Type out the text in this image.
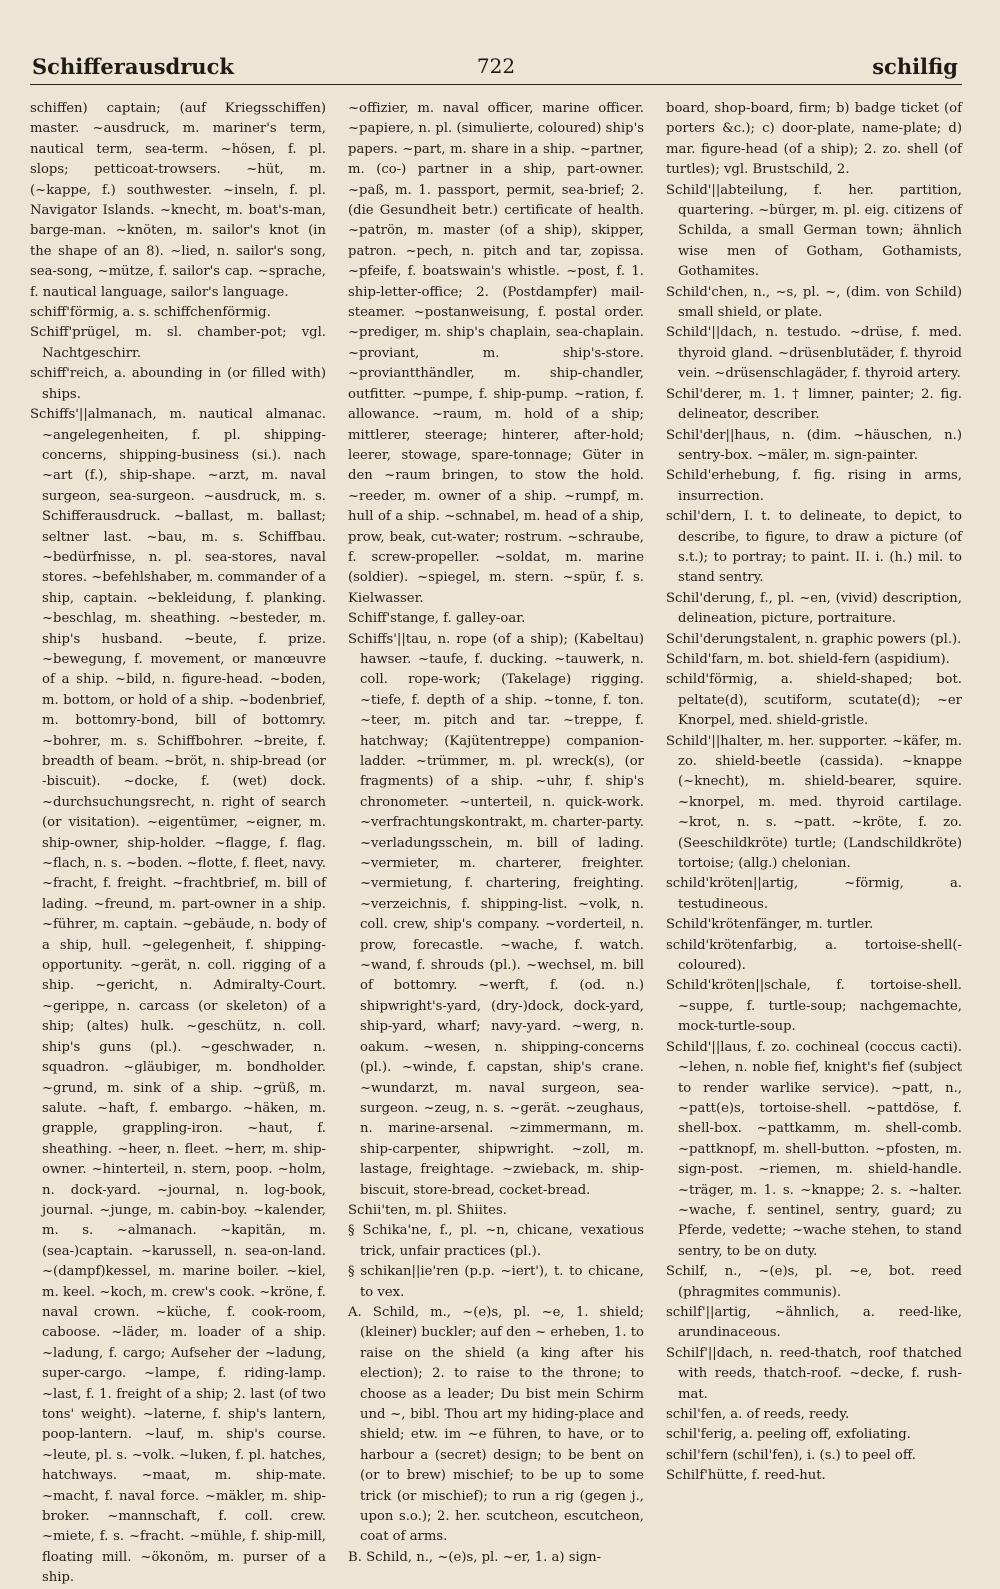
Schifferausdruck	722	schilfig

schiffen) captain; (auf Kriegsschiffen) master. ~ausdruck, m. mariner's term, nautical term, sea-term. ~hösen, f. pl. slops; petticoat-trowsers. ~hüt, m. (~kappe, f.) southwester. ~inseln, f. pl. Navigator Islands. ~knecht, m. boat's-man, barge-man. ~knöten, m. sailor's knot (in the shape of an 8). ~lied, n. sailor's song, sea-song, ~mütze, f. sailor's cap. ~sprache, f. nautical language, sailor's language.

schiff'förmig, a. s. schiffchenförmig.

Schiff'prügel, m. sl. chamber-pot; vgl. Nachtgeschirr.

schiff'reich, a. abounding in (or filled with) ships.

Schiffs'||almanach, m. nautical almanac. ~angelegenheiten, f. pl. shipping-concerns, shipping-business (si.). nach ~art (f.), ship-shape. ~arzt, m. naval surgeon, sea-surgeon. ~ausdruck, m. s. Schifferausdruck. ~ballast, m. ballast; seltner last. ~bau, m. s. Schiffbau. ~bedürfnisse, n. pl. sea-stores, naval stores. ~befehlshaber, m. commander of a ship, captain. ~bekleidung, f. planking. ~beschlag, m. sheathing. ~besteder, m. ship's husband. ~beute, f. prize. ~bewegung, f. movement, or manœuvre of a ship. ~bild, n. figure-head. ~boden, m. bottom, or hold of a ship. ~bodenbrief, m. bottomry-bond, bill of bottomry. ~bohrer, m. s. Schiffbohrer. ~breite, f. breadth of beam. ~bröt, n. ship-bread (or -biscuit). ~docke, f. (wet) dock. ~durchsuchungsrecht, n. right of search (or visitation). ~eigentümer, ~eigner, m. ship-owner, ship-holder. ~flagge, f. flag. ~flach, n. s. ~boden. ~flotte, f. fleet, navy. ~fracht, f. freight. ~frachtbrief, m. bill of lading. ~freund, m. part-owner in a ship. ~führer, m. captain. ~gebäude, n. body of a ship, hull. ~gelegenheit, f. shipping-opportunity. ~gerät, n. coll. rigging of a ship. ~gericht, n. Admiralty-Court. ~gerippe, n. carcass (or skeleton) of a ship; (altes) hulk. ~geschütz, n. coll. ship's guns (pl.). ~geschwader, n. squadron. ~gläubiger, m. bondholder. ~grund, m. sink of a ship. ~grüß, m. salute. ~haft, f. embargo. ~häken, m. grapple, grappling-iron. ~haut, f. sheathing. ~heer, n. fleet. ~herr, m. ship-owner. ~hinterteil, n. stern, poop. ~holm, n. dock-yard. ~journal, n. log-book, journal. ~junge, m. cabin-boy. ~kalender, m. s. ~almanach. ~kapitän, m. (sea-)captain. ~karussell, n. sea-on-land. ~(dampf)kessel, m. marine boiler. ~kiel, m. keel. ~koch, m. crew's cook. ~kröne, f. naval crown. ~küche, f. cook-room, caboose. ~läder, m. loader of a ship. ~ladung, f. cargo; Aufseher der ~ladung, super-cargo. ~lampe, f. riding-lamp. ~last, f. 1. freight of a ship; 2. last (of two tons' weight). ~laterne, f. ship's lantern, poop-lantern. ~lauf, m. ship's course. ~leute, pl. s. ~volk. ~luken, f. pl. hatches, hatchways. ~maat, m. ship-mate. ~macht, f. naval force. ~mäkler, m. ship-broker. ~mannschaft, f. coll. crew. ~miete, f. s. ~fracht. ~mühle, f. ship-mill, floating mill. ~ökonöm, m. purser of a ship.

~offizier, m. naval officer, marine officer. ~papiere, n. pl. (simulierte, coloured) ship's papers. ~part, m. share in a ship. ~partner, m. (co-) partner in a ship, part-owner. ~paß, m. 1. passport, permit, sea-brief; 2. (die Gesundheit betr.) certificate of health. ~patrön, m. master (of a ship), skipper, patron. ~pech, n. pitch and tar, zopissa. ~pfeife, f. boatswain's whistle. ~post, f. 1. ship-letter-office; 2. (Postdampfer) mail-steamer. ~postanweisung, f. postal order. ~prediger, m. ship's chaplain, sea-chaplain. ~proviant, m. ship's-store. ~proviantthändler, m. ship-chandler, outfitter. ~pumpe, f. ship-pump. ~ration, f. allowance. ~raum, m. hold of a ship; mittlerer, steerage; hinterer, after-hold; leerer, stowage, spare-tonnage; Güter in den ~raum bringen, to stow the hold. ~reeder, m. owner of a ship. ~rumpf, m. hull of a ship. ~schnabel, m. head of a ship, prow, beak, cut-water; rostrum. ~schraube, f. screw-propeller. ~soldat, m. marine (soldier). ~spiegel, m. stern. ~spür, f. s. Kielwasser.

Schiff'stange, f. galley-oar.

Schiffs'||tau, n. rope (of a ship); (Kabeltau) hawser. ~taufe, f. ducking. ~tauwerk, n. coll. rope-work; (Takelage) rigging. ~tiefe, f. depth of a ship. ~tonne, f. ton. ~teer, m. pitch and tar. ~treppe, f. hatchway; (Kajütentreppe) companion-ladder. ~trümmer, m. pl. wreck(s), (or fragments) of a ship. ~uhr, f. ship's chronometer. ~unterteil, n. quick-work. ~verfrachtungskontrakt, m. charter-party. ~verladungsschein, m. bill of lading. ~vermieter, m. charterer, freighter. ~vermietung, f. chartering, freighting. ~verzeichnis, f. shipping-list. ~volk, n. coll. crew, ship's company. ~vorderteil, n. prow, forecastle. ~wache, f. watch. ~wand, f. shrouds (pl.). ~wechsel, m. bill of bottomry. ~werft, f. (od. n.) shipwright's-yard, (dry-)dock, dock-yard, ship-yard, wharf; navy-yard. ~werg, n. oakum. ~wesen, n. shipping-concerns (pl.). ~winde, f. capstan, ship's crane. ~wundarzt, m. naval surgeon, sea-surgeon. ~zeug, n. s. ~gerät. ~zeughaus, n. marine-arsenal. ~zimmermann, m. ship-carpenter, shipwright. ~zoll, m. lastage, freightage. ~zwieback, m. ship-biscuit, store-bread, cocket-bread.

Schii'ten, m. pl. Shiites.

§ Schika'ne, f., pl. ~n, chicane, vexatious trick, unfair practices (pl.).

§ schikan||ie'ren (p.p. ~iert'), t. to chicane, to vex.

A. Schild, m., ~(e)s, pl. ~e, 1. shield; (kleiner) buckler; auf den ~ erheben, 1. to raise on the shield (a king after his election); 2. to raise to the throne; to choose as a leader; Du bist mein Schirm und ~, bibl. Thou art my hiding-place and shield; etw. im ~e führen, to have, or to harbour a (secret) design; to be bent on (or to brew) mischief; to be up to some trick (or mischief); to run a rig (gegen j., upon s.o.); 2. her. scutcheon, escutcheon, coat of arms.

B. Schild, n., ~(e)s, pl. ~er, 1. a) sign-

board, shop-board, firm; b) badge ticket (of porters &c.); c) door-plate, name-plate; d) mar. figure-head (of a ship); 2. zo. shell (of turtles); vgl. Brustschild, 2.

Schild'||abteilung, f. her. partition, quartering. ~bürger, m. pl. eig. citizens of Schilda, a small German town; ähnlich wise men of Gotham, Gothamists, Gothamites.

Schild'chen, n., ~s, pl. ~, (dim. von Schild) small shield, or plate.

Schild'||dach, n. testudo. ~drüse, f. med. thyroid gland. ~drüsenblutäder, f. thyroid vein. ~drüsenschlagäder, f. thyroid artery.

Schil'derer, m. 1. † limner, painter; 2. fig. delineator, describer.

Schil'der||haus, n. (dim. ~häuschen, n.) sentry-box. ~mäler, m. sign-painter.

Schild'erhebung, f. fig. rising in arms, insurrection.

schil'dern, I. t. to delineate, to depict, to describe, to figure, to draw a picture (of s.t.); to portray; to paint. II. i. (h.) mil. to stand sentry.

Schil'derung, f., pl. ~en, (vivid) description, delineation, picture, portraiture.

Schil'derungstalent, n. graphic powers (pl.).

Schild'farn, m. bot. shield-fern (aspidium).

schild'förmig, a. shield-shaped; bot. peltate(d), scutiform, scutate(d); ~er Knorpel, med. shield-gristle.

Schild'||halter, m. her. supporter. ~käfer, m. zo. shield-beetle (cassida). ~knappe (~knecht), m. shield-bearer, squire. ~knorpel, m. med. thyroid cartilage. ~krot, n. s. ~patt. ~kröte, f. zo. (Seeschildkröte) turtle; (Landschildkröte) tortoise; (allg.) chelonian.

schild'kröten||artig, ~förmig, a. testudineous.

Schild'krötenfänger, m. turtler.

schild'krötenfarbig, a. tortoise-shell(-coloured).

Schild'kröten||schale, f. tortoise-shell. ~suppe, f. turtle-soup; nachgemachte, mock-turtle-soup.

Schild'||laus, f. zo. cochineal (coccus cacti). ~lehen, n. noble fief, knight's fief (subject to render warlike service). ~patt, n., ~patt(e)s, tortoise-shell. ~pattdöse, f. shell-box. ~pattkamm, m. shell-comb. ~pattknopf, m. shell-button. ~pfosten, m. sign-post. ~riemen, m. shield-handle. ~träger, m. 1. s. ~knappe; 2. s. ~halter. ~wache, f. sentinel, sentry, guard; zu Pferde, vedette; ~wache stehen, to stand sentry, to be on duty.

Schilf, n., ~(e)s, pl. ~e, bot. reed (phragmites communis).

schilf'||artig, ~ähnlich, a. reed-like, arundinaceous.

Schilf'||dach, n. reed-thatch, roof thatched with reeds, thatch-roof. ~decke, f. rush-mat.

schil'fen, a. of reeds, reedy.

schil'ferig, a. peeling off, exfoliating.

schil'fern (schil'fen), i. (s.) to peel off.

Schilf'hütte, f. reed-hut.
